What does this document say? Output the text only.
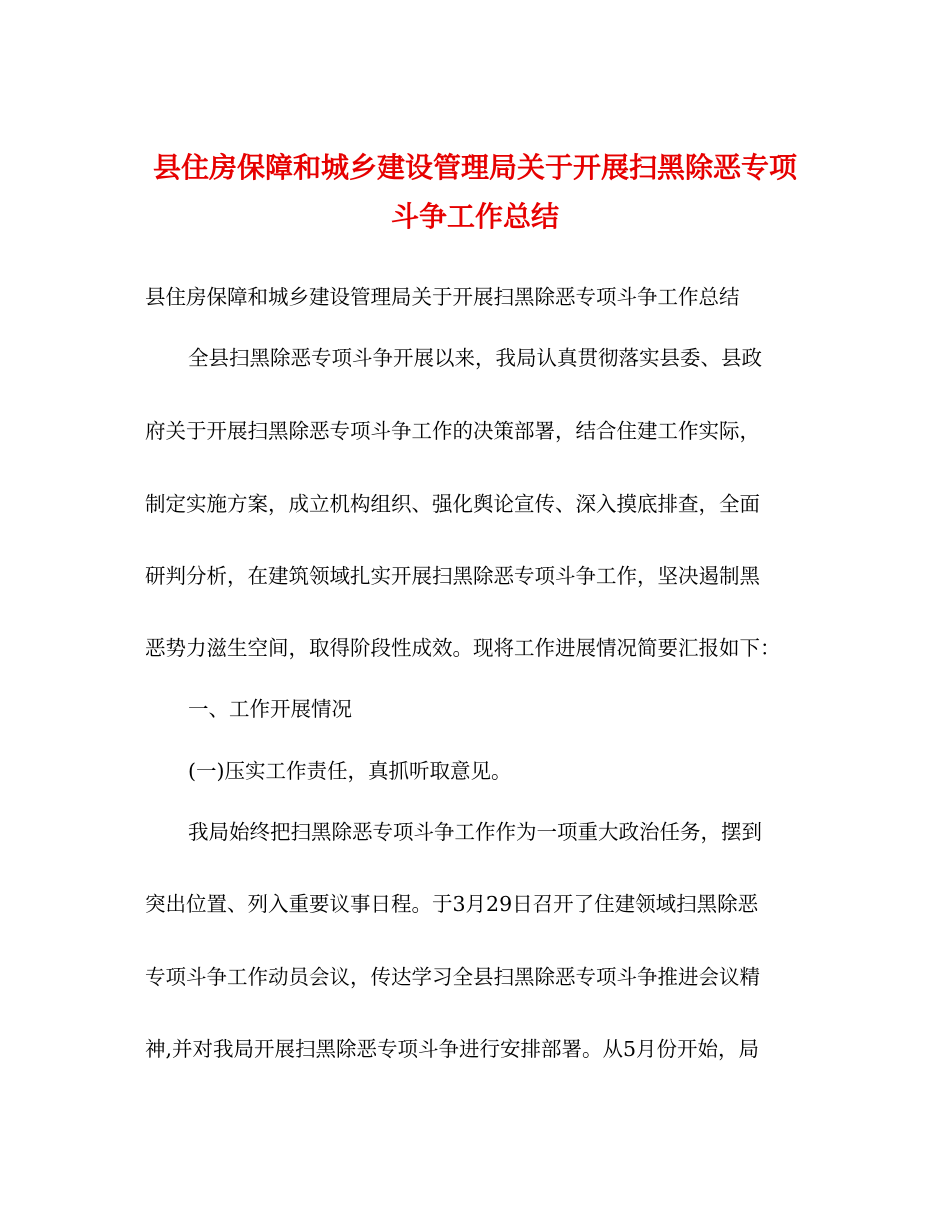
县住房保障和城乡建设管理局关于开展扫黑除恶专项
斗争工作总结
县住房保障和城乡建设管理局关于开展扫黑除恶专项斗争工作总结
全县扫黑除恶专项斗争开展以来，我局认真贯彻落实县委、县政
府关于开展扫黑除恶专项斗争工作的决策部署，结合住建工作实际，
制定实施方案，成立机构组织、强化舆论宣传、深入摸底排查，全面
研判分析，在建筑领域扎实开展扫黑除恶专项斗争工作，坚决遏制黑
恶势力滋生空间，取得阶段性成效。现将工作进展情况简要汇报如下：
一、工作开展情况
(一)压实工作责任，真抓听取意见。
我局始终把扫黑除恶专项斗争工作作为一项重大政治任务，摆到
突出位置、列入重要议事日程。于3月29日召开了住建领域扫黑除恶
专项斗争工作动员会议，传达学习全县扫黑除恶专项斗争推进会议精
神,并对我局开展扫黑除恶专项斗争进行安排部署。从5月份开始，局
